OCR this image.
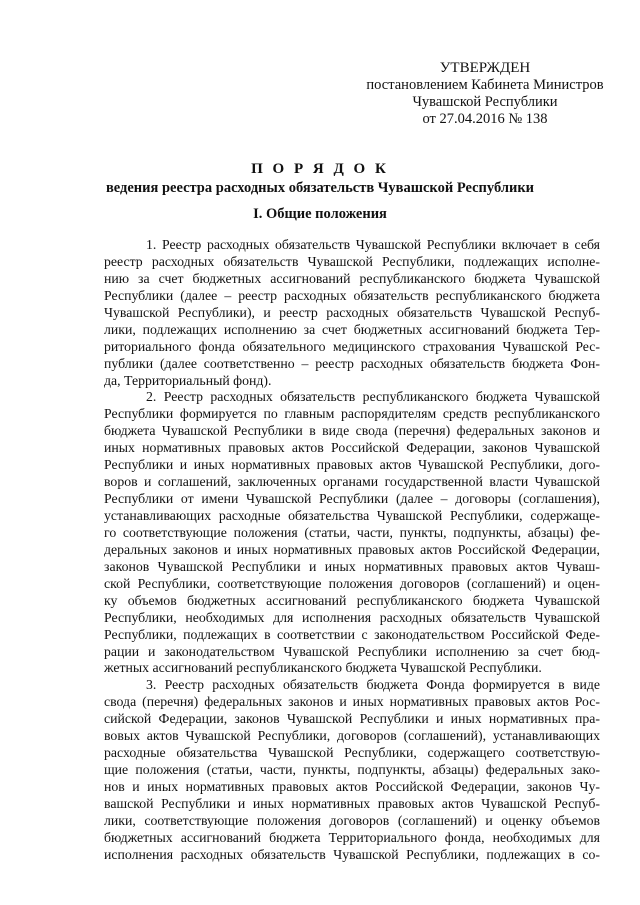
УТВЕРЖДЕН
постановлением Кабинета Министров
Чувашской Республики
от 27.04.2016 № 138
П О Р Я Д О К
ведения реестра расходных обязательств Чувашской Республики
I. Общие положения
1. Реестр расходных обязательств Чувашской Республики включает в себя
реестр расходных обязательств Чувашской Республики, подлежащих исполне-
нию за счет бюджетных ассигнований республиканского бюджета Чувашской
Республики (далее – реестр расходных обязательств республиканского бюджета
Чувашской Республики), и реестр расходных обязательств Чувашской Респуб-
лики, подлежащих исполнению за счет бюджетных ассигнований бюджета Тер-
риториального фонда обязательного медицинского страхования Чувашской Рес-
публики (далее соответственно – реестр расходных обязательств бюджета Фон-
да, Территориальный фонд).
2. Реестр расходных обязательств республиканского бюджета Чувашской
Республики формируется по главным распорядителям средств республиканского
бюджета Чувашской Республики в виде свода (перечня) федеральных законов и
иных нормативных правовых актов Российской Федерации, законов Чувашской
Республики и иных нормативных правовых актов Чувашской Республики, дого-
воров и соглашений, заключенных органами государственной власти Чувашской
Республики от имени Чувашской Республики (далее – договоры (соглашения),
устанавливающих расходные обязательства Чувашской Республики, содержаще-
го соответствующие положения (статьи, части, пункты, подпункты, абзацы) фе-
деральных законов и иных нормативных правовых актов Российской Федерации,
законов Чувашской Республики и иных нормативных правовых актов Чуваш-
ской Республики, соответствующие положения договоров (соглашений) и оцен-
ку объемов бюджетных ассигнований республиканского бюджета Чувашской
Республики, необходимых для исполнения расходных обязательств Чувашской
Республики, подлежащих в соответствии с законодательством Российской Феде-
рации и законодательством Чувашской Республики исполнению за счет бюд-
жетных ассигнований республиканского бюджета Чувашской Республики.
3. Реестр расходных обязательств бюджета Фонда формируется в виде
свода (перечня) федеральных законов и иных нормативных правовых актов Рос-
сийской Федерации, законов Чувашской Республики и иных нормативных пра-
вовых актов Чувашской Республики, договоров (соглашений), устанавливающих
расходные обязательства Чувашской Республики, содержащего соответствую-
щие положения (статьи, части, пункты, подпункты, абзацы) федеральных зако-
нов и иных нормативных правовых актов Российской Федерации, законов Чу-
вашской Республики и иных нормативных правовых актов Чувашской Респуб-
лики, соответствующие положения договоров (соглашений) и оценку объемов
бюджетных ассигнований бюджета Территориального фонда, необходимых для
исполнения расходных обязательств Чувашской Республики, подлежащих в со-
